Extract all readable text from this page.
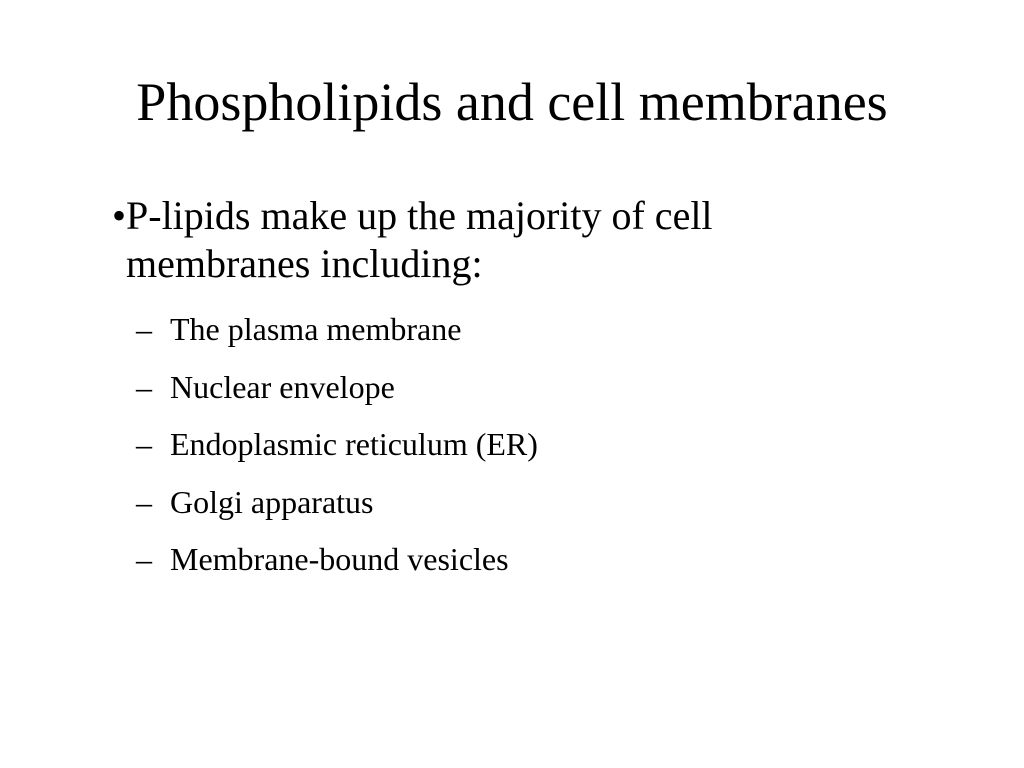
Phospholipids and cell membranes
• P-lipids make up the majority of cell membranes including:
– The plasma membrane
– Nuclear envelope
– Endoplasmic reticulum (ER)
– Golgi apparatus
– Membrane-bound vesicles
